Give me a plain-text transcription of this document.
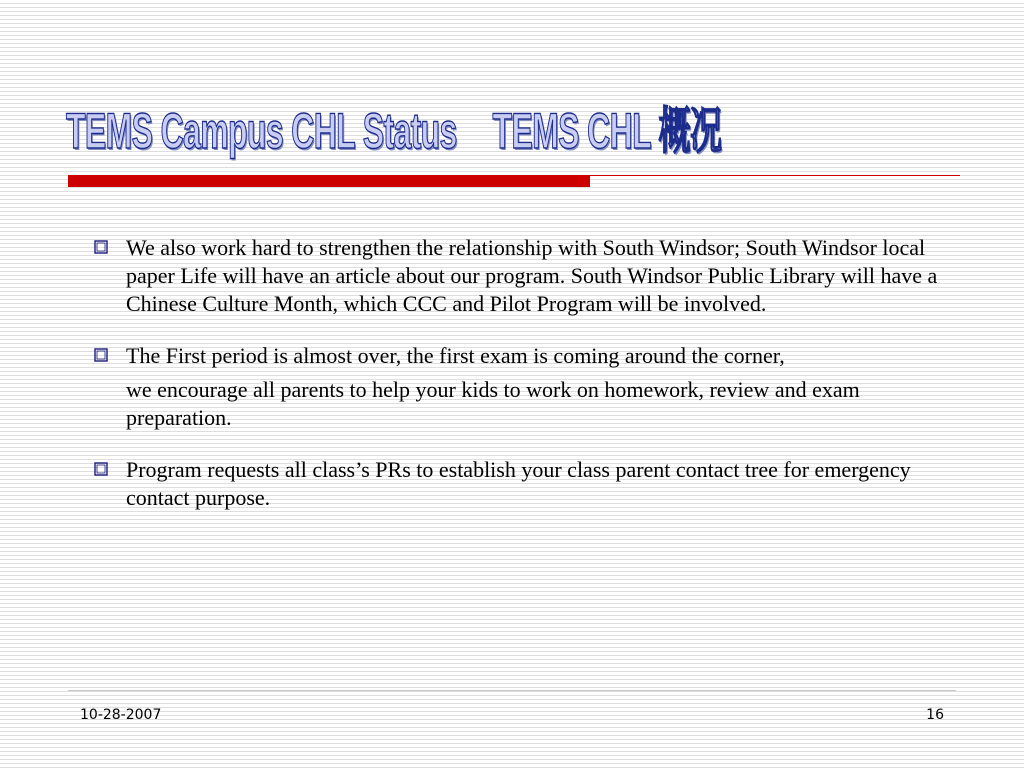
TEMS Campus CHL Status TEMS CHL 概况

We also work hard to strengthen the relationship with South Windsor; South Windsor local paper Life will have an article about our program. South Windsor Public Library will have a Chinese Culture Month, which CCC and Pilot Program will be involved.

The First period is almost over, the first exam is coming around the corner,

we encourage all parents to help your kids to work on homework, review and exam preparation.

Program requests all class’s PRs to establish your class parent contact tree for emergency contact purpose.

10-28-2007	16
